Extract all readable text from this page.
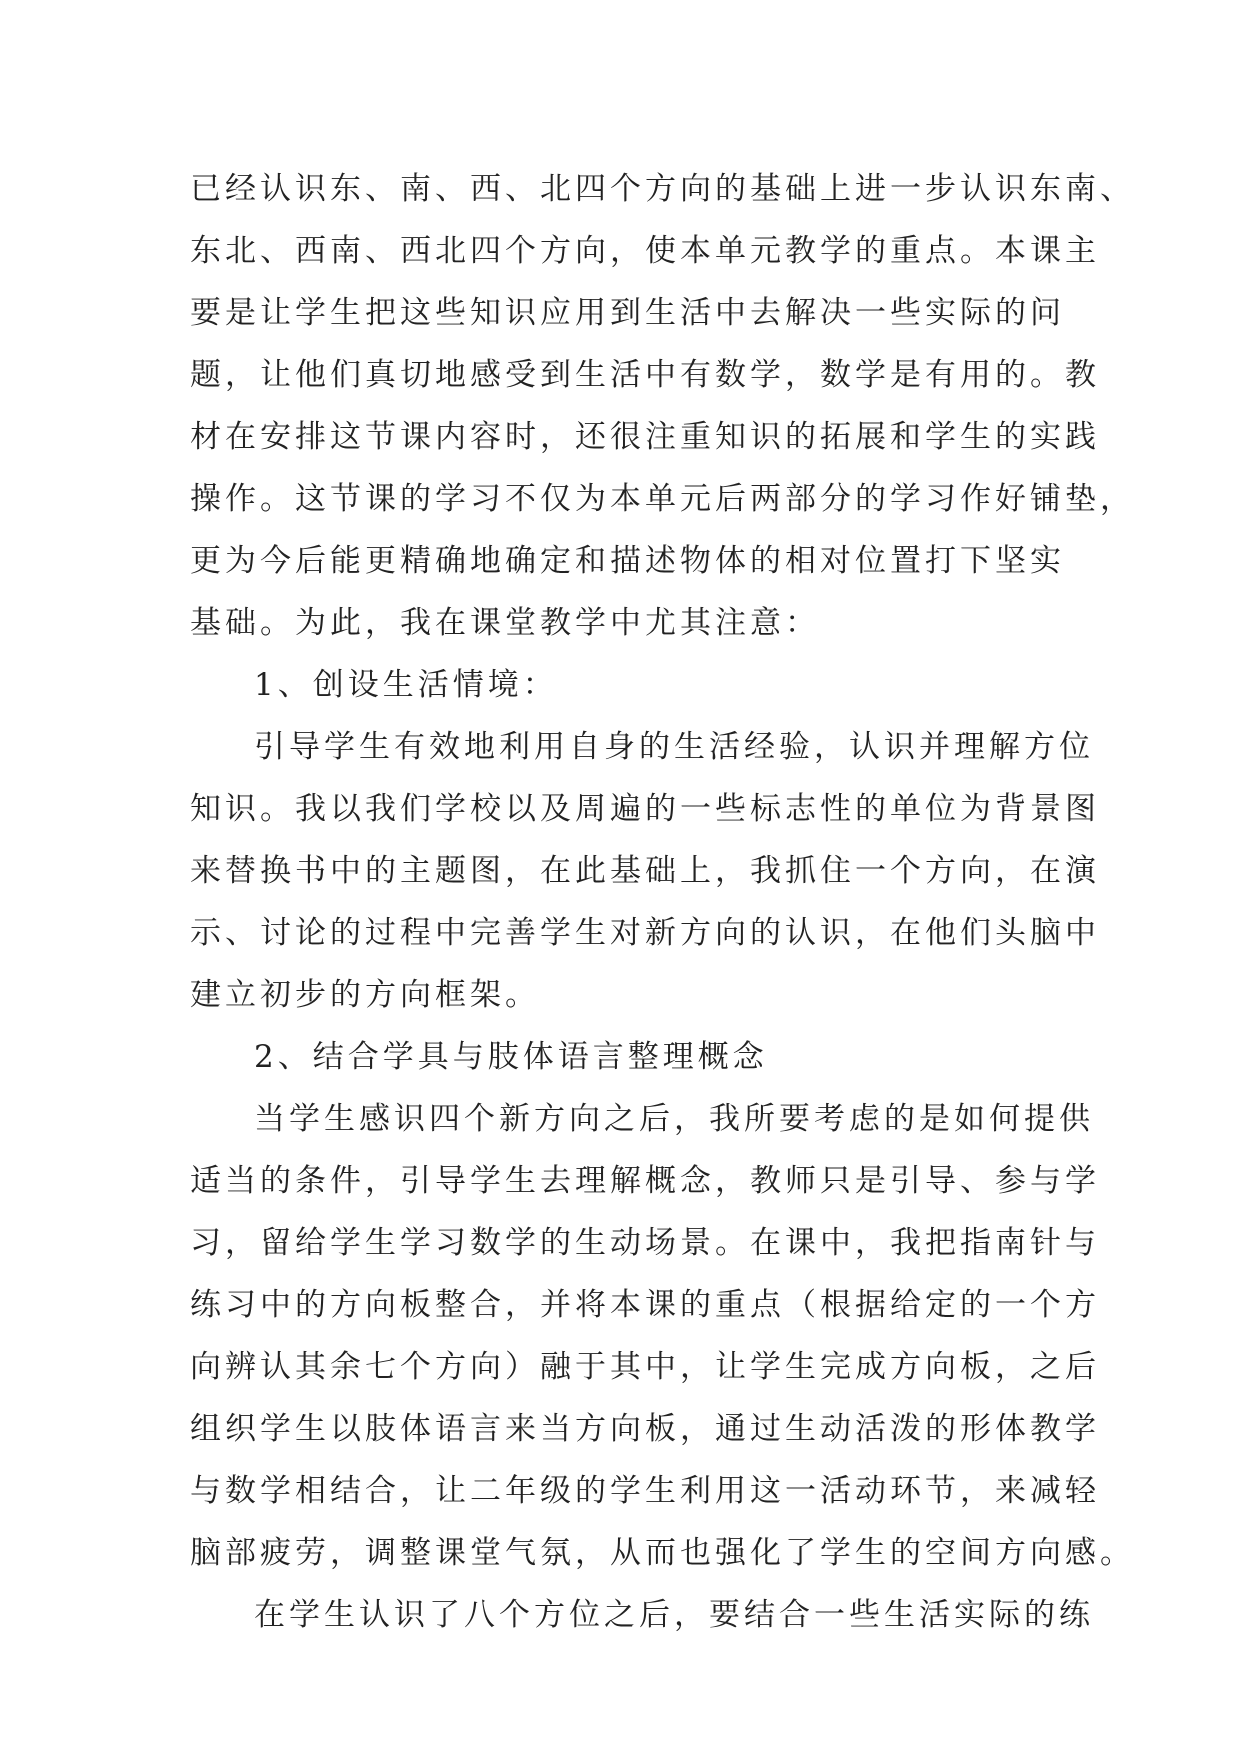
已经认识东、南、西、北四个方向的基础上进一步认识东南、
东北、西南、西北四个方向，使本单元教学的重点。本课主
要是让学生把这些知识应用到生活中去解决一些实际的问
题，让他们真切地感受到生活中有数学，数学是有用的。教
材在安排这节课内容时，还很注重知识的拓展和学生的实践
操作。这节课的学习不仅为本单元后两部分的学习作好铺垫，
更为今后能更精确地确定和描述物体的相对位置打下坚实
基础。为此，我在课堂教学中尤其注意：
1、创设生活情境：
引导学生有效地利用自身的生活经验，认识并理解方位
知识。我以我们学校以及周遍的一些标志性的单位为背景图
来替换书中的主题图，在此基础上，我抓住一个方向，在演
示、讨论的过程中完善学生对新方向的认识，在他们头脑中
建立初步的方向框架。
2、结合学具与肢体语言整理概念
当学生感识四个新方向之后，我所要考虑的是如何提供
适当的条件，引导学生去理解概念，教师只是引导、参与学
习，留给学生学习数学的生动场景。在课中，我把指南针与
练习中的方向板整合，并将本课的重点（根据给定的一个方
向辨认其余七个方向）融于其中，让学生完成方向板，之后
组织学生以肢体语言来当方向板，通过生动活泼的形体教学
与数学相结合，让二年级的学生利用这一活动环节，来减轻
脑部疲劳，调整课堂气氛，从而也强化了学生的空间方向感。
在学生认识了八个方位之后，要结合一些生活实际的练
